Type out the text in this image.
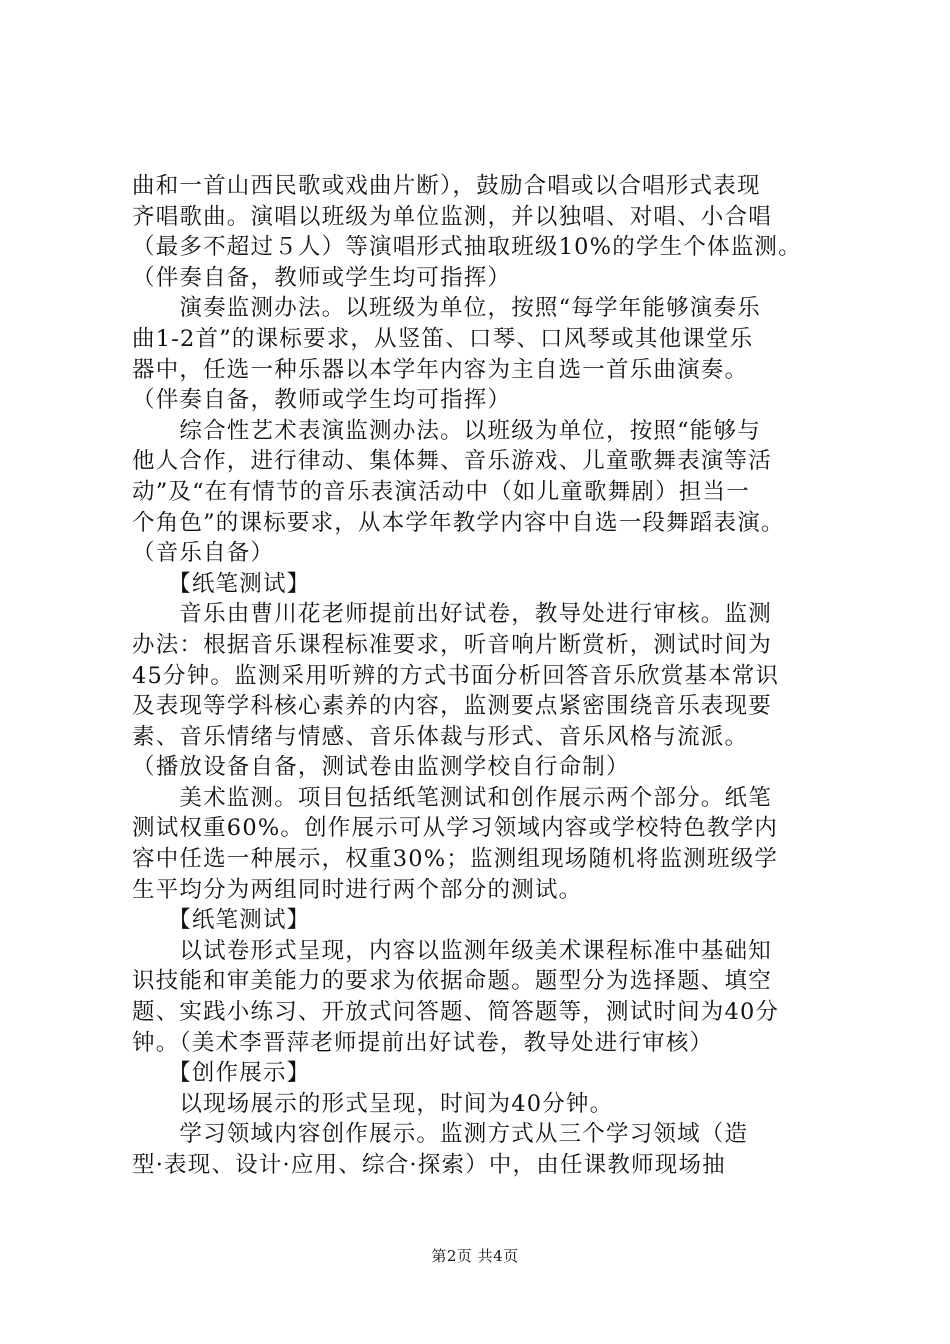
曲和一首山西民歌或戏曲片断），鼓励合唱或以合唱形式表现
齐唱歌曲。演唱以班级为单位监测，并以独唱、对唱、小合唱
（最多不超过５人）等演唱形式抽取班级10%的学生个体监测。
（伴奏自备，教师或学生均可指挥）
　　演奏监测办法。以班级为单位，按照“每学年能够演奏乐
曲1-2首”的课标要求，从竖笛、口琴、口风琴或其他课堂乐
器中，任选一种乐器以本学年内容为主自选一首乐曲演奏。
（伴奏自备，教师或学生均可指挥）
　　综合性艺术表演监测办法。以班级为单位，按照“能够与
他人合作，进行律动、集体舞、音乐游戏、儿童歌舞表演等活
动”及“在有情节的音乐表演活动中（如儿童歌舞剧）担当一
个角色”的课标要求，从本学年教学内容中自选一段舞蹈表演。
（音乐自备）
　　【纸笔测试】
　　音乐由曹川花老师提前出好试卷，教导处进行审核。监测
办法：根据音乐课程标准要求，听音响片断赏析，测试时间为
45分钟。监测采用听辨的方式书面分析回答音乐欣赏基本常识
及表现等学科核心素养的内容，监测要点紧密围绕音乐表现要
素、音乐情绪与情感、音乐体裁与形式、音乐风格与流派。
（播放设备自备，测试卷由监测学校自行命制）
　　美术监测。项目包括纸笔测试和创作展示两个部分。纸笔
测试权重60%。创作展示可从学习领域内容或学校特色教学内
容中任选一种展示，权重30%；监测组现场随机将监测班级学
生平均分为两组同时进行两个部分的测试。
　　【纸笔测试】
　　以试卷形式呈现，内容以监测年级美术课程标准中基础知
识技能和审美能力的要求为依据命题。题型分为选择题、填空
题、实践小练习、开放式问答题、简答题等，测试时间为40分
钟。（美术李晋萍老师提前出好试卷，教导处进行审核）
　　【创作展示】
　　以现场展示的形式呈现，时间为40分钟。
　　学习领域内容创作展示。监测方式从三个学习领域（造
型·表现、设计·应用、综合·探索）中，由任课教师现场抽
第2页 共4页
